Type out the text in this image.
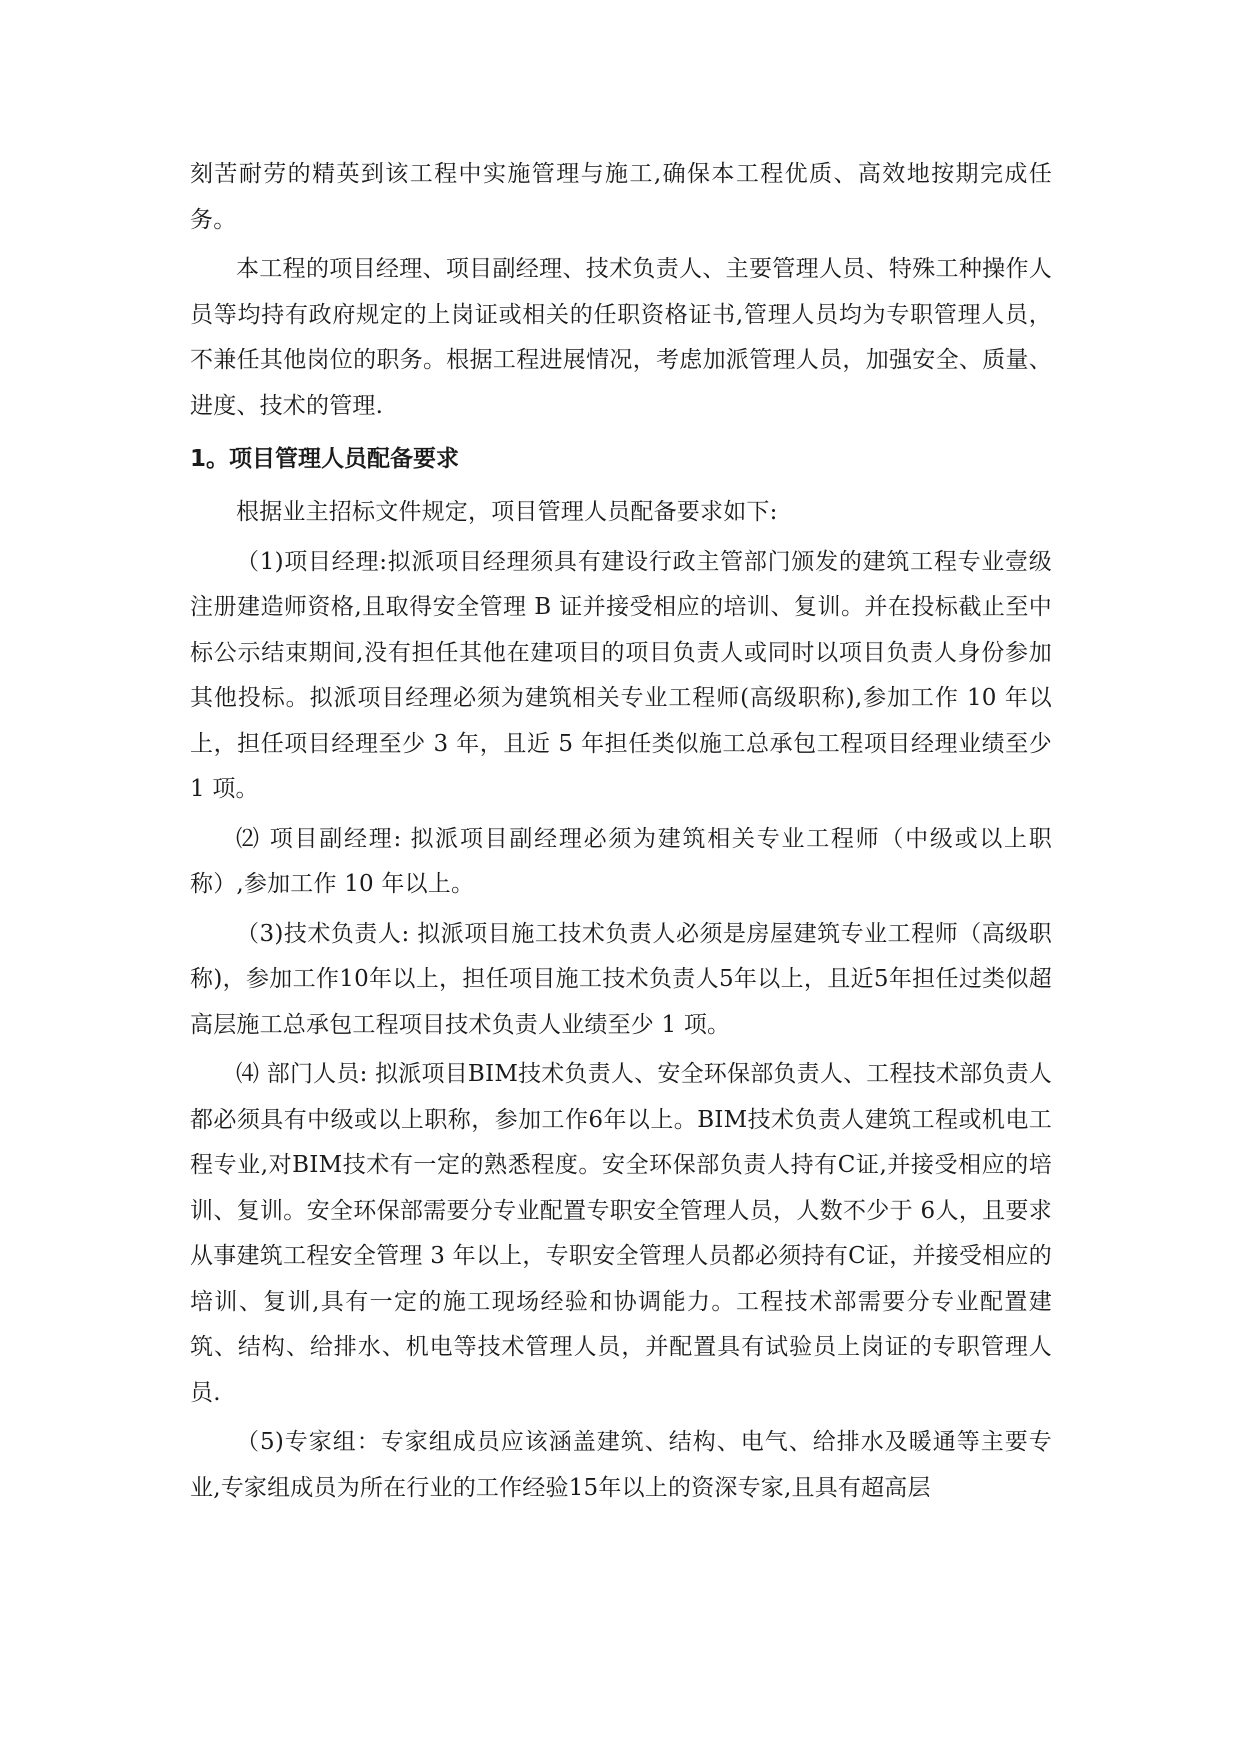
刻苦耐劳的精英到该工程中实施管理与施工,确保本工程优质、高效地按期完成任务。

本工程的项目经理、项目副经理、技术负责人、主要管理人员、特殊工种操作人员等均持有政府规定的上岗证或相关的任职资格证书,管理人员均为专职管理人员，不兼任其他岗位的职务。根据工程进展情况，考虑加派管理人员，加强安全、质量、进度、技术的管理.

1。项目管理人员配备要求

根据业主招标文件规定，项目管理人员配备要求如下:

（1)项目经理:拟派项目经理须具有建设行政主管部门颁发的建筑工程专业壹级注册建造师资格,且取得安全管理 B 证并接受相应的培训、复训。并在投标截止至中标公示结束期间,没有担任其他在建项目的项目负责人或同时以项目负责人身份参加其他投标。拟派项目经理必须为建筑相关专业工程师(高级职称),参加工作 10 年以上，担任项目经理至少 3 年，且近 5 年担任类似施工总承包工程项目经理业绩至少 1 项。

⑵ 项目副经理: 拟派项目副经理必须为建筑相关专业工程师（中级或以上职称）,参加工作 10 年以上。

（3)技术负责人: 拟派项目施工技术负责人必须是房屋建筑专业工程师（高级职称)，参加工作10年以上，担任项目施工技术负责人5年以上，且近5年担任过类似超高层施工总承包工程项目技术负责人业绩至少 1 项。

⑷ 部门人员: 拟派项目BIM技术负责人、安全环保部负责人、工程技术部负责人都必须具有中级或以上职称，参加工作6年以上。BIM技术负责人建筑工程或机电工程专业,对BIM技术有一定的熟悉程度。安全环保部负责人持有C证,并接受相应的培训、复训。安全环保部需要分专业配置专职安全管理人员，人数不少于 6人，且要求从事建筑工程安全管理 3 年以上，专职安全管理人员都必须持有C证，并接受相应的培训、复训,具有一定的施工现场经验和协调能力。工程技术部需要分专业配置建筑、结构、给排水、机电等技术管理人员，并配置具有试验员上岗证的专职管理人员.

（5)专家组：专家组成员应该涵盖建筑、结构、电气、给排水及暖通等主要专业,专家组成员为所在行业的工作经验15年以上的资深专家,且具有超高层
